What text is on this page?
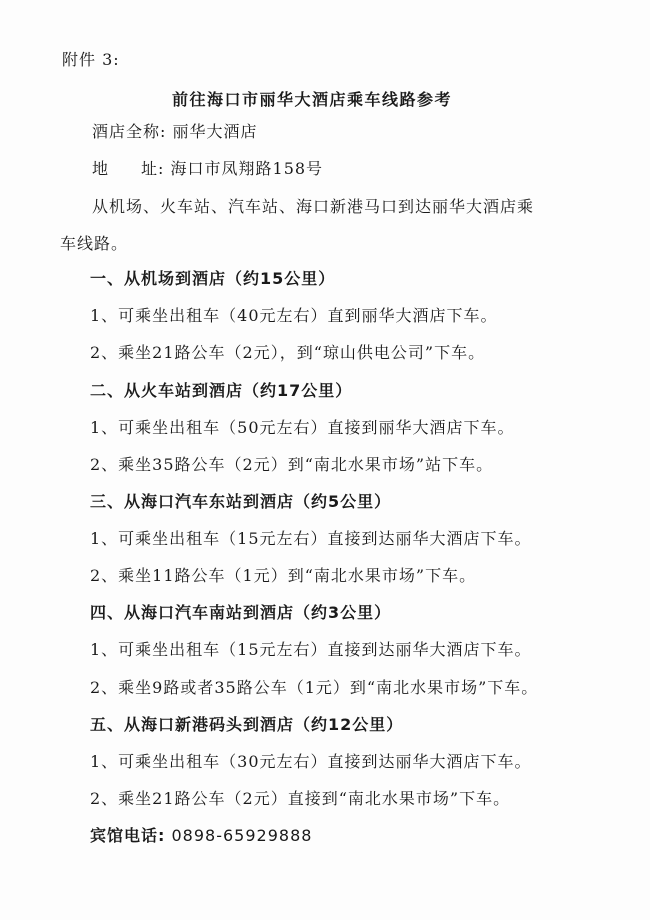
附件 3:
前往海口市丽华大酒店乘车线路参考
酒店全称: 丽华大酒店
地 址: 海口市凤翔路158号
从机场、火车站、汽车站、海口新港马口到达丽华大酒店乘
车线路。
一、从机场到酒店（约15公里）
1、可乘坐出租车（40元左右）直到丽华大酒店下车。
2、乘坐21路公车（2元），到“琼山供电公司”下车。
二、从火车站到酒店（约17公里）
1、可乘坐出租车（50元左右）直接到丽华大酒店下车。
2、乘坐35路公车（2元）到“南北水果市场”站下车。
三、从海口汽车东站到酒店（约5公里）
1、可乘坐出租车（15元左右）直接到达丽华大酒店下车。
2、乘坐11路公车（1元）到“南北水果市场”下车。
四、从海口汽车南站到酒店（约3公里）
1、可乘坐出租车（15元左右）直接到达丽华大酒店下车。
2、乘坐9路或者35路公车（1元）到“南北水果市场”下车。
五、从海口新港码头到酒店（约12公里）
1、可乘坐出租车（30元左右）直接到达丽华大酒店下车。
2、乘坐21路公车（2元）直接到“南北水果市场”下车。
宾馆电话: 0898-65929888
